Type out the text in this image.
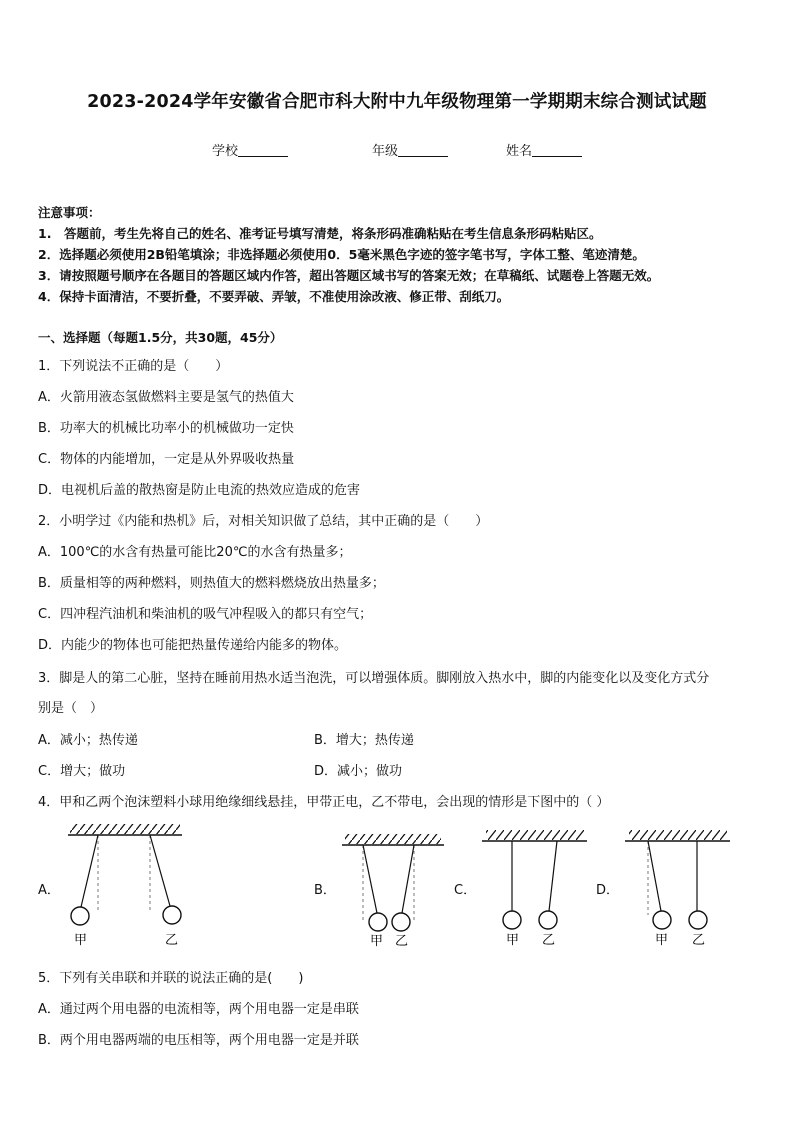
2023-2024学年安徽省合肥市科大附中九年级物理第一学期期末综合测试试题
学校	年级	姓名
注意事项：
1.　答题前，考生先将自己的姓名、准考证号填写清楚，将条形码准确粘贴在考生信息条形码粘贴区。
2．选择题必须使用2B铅笔填涂；非选择题必须使用0．5毫米黑色字迹的签字笔书写，字体工整、笔迹清楚。
3．请按照题号顺序在各题目的答题区域内作答，超出答题区域书写的答案无效；在草稿纸、试题卷上答题无效。
4．保持卡面清洁，不要折叠，不要弄破、弄皱，不准使用涂改液、修正带、刮纸刀。
一、选择题（每题1.5分，共30题，45分）
1．下列说法不正确的是（　　）
A．火箭用液态氢做燃料主要是氢气的热值大
B．功率大的机械比功率小的机械做功一定快
C．物体的内能增加，一定是从外界吸收热量
D．电视机后盖的散热窗是防止电流的热效应造成的危害
2．小明学过《内能和热机》后，对相关知识做了总结，其中正确的是（　　）
A．100℃的水含有热量可能比20℃的水含有热量多；
B．质量相等的两种燃料，则热值大的燃料燃烧放出热量多；
C．四冲程汽油机和柴油机的吸气冲程吸入的都只有空气；
D．内能少的物体也可能把热量传递给内能多的物体。
3．脚是人的第二心脏，坚持在睡前用热水适当泡洗，可以增强体质。脚刚放入热水中，脚的内能变化以及变化方式分
别是（　）
A．减小；热传递	B．增大；热传递
C．增大；做功	D．减小；做功
4．甲和乙两个泡沫塑料小球用绝缘细线悬挂，甲带正电，乙不带电，会出现的情形是下图中的（ ）
A．	B．	C．	D．
甲	乙	甲 乙	甲 乙	甲 乙
5．下列有关串联和并联的说法正确的是(　　)
A．通过两个用电器的电流相等，两个用电器一定是串联
B．两个用电器两端的电压相等，两个用电器一定是并联
